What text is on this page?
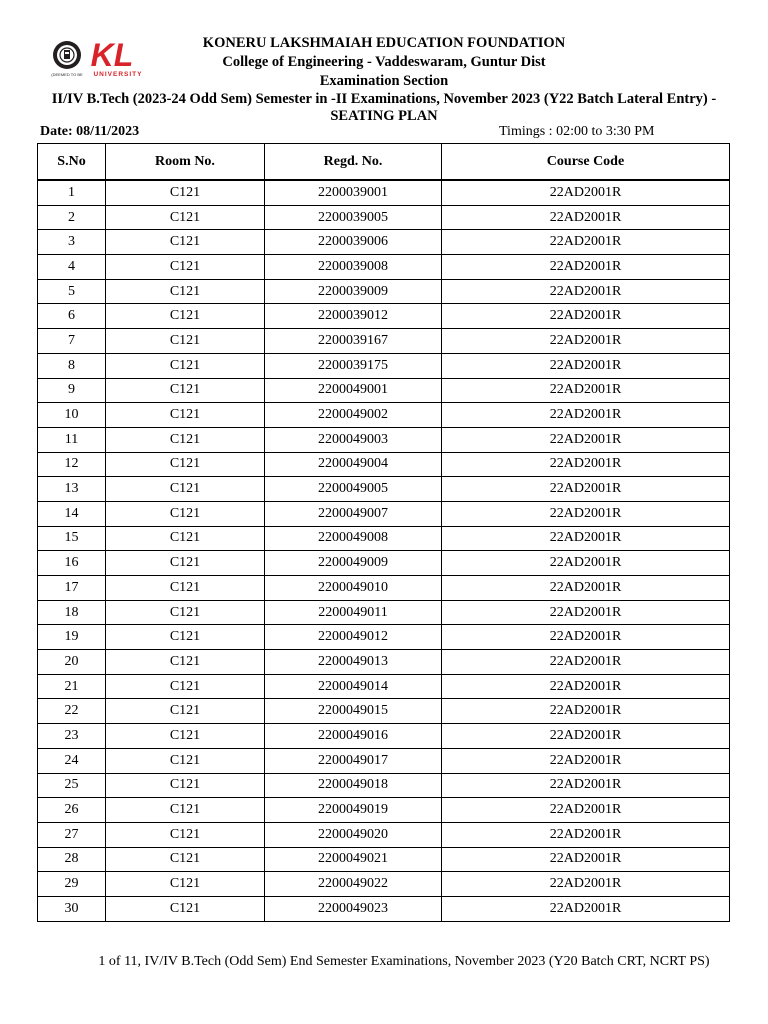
(DEEMED TO BE
KL
UNIVERSITY
KONERU LAKSHMAIAH EDUCATION FOUNDATION
College of Engineering - Vaddeswaram, Guntur Dist
Examination Section
II/IV B.Tech (2023-24 Odd Sem) Semester in -II Examinations, November 2023 (Y22 Batch Lateral Entry) -SEATING PLAN
Date: 08/11/2023	Timings : 02:00 to 3:30 PM
S.No	Room No.	Regd. No.	Course Code
1	C121	2200039001	22AD2001R
2	C121	2200039005	22AD2001R
3	C121	2200039006	22AD2001R
4	C121	2200039008	22AD2001R
5	C121	2200039009	22AD2001R
6	C121	2200039012	22AD2001R
7	C121	2200039167	22AD2001R
8	C121	2200039175	22AD2001R
9	C121	2200049001	22AD2001R
10	C121	2200049002	22AD2001R
11	C121	2200049003	22AD2001R
12	C121	2200049004	22AD2001R
13	C121	2200049005	22AD2001R
14	C121	2200049007	22AD2001R
15	C121	2200049008	22AD2001R
16	C121	2200049009	22AD2001R
17	C121	2200049010	22AD2001R
18	C121	2200049011	22AD2001R
19	C121	2200049012	22AD2001R
20	C121	2200049013	22AD2001R
21	C121	2200049014	22AD2001R
22	C121	2200049015	22AD2001R
23	C121	2200049016	22AD2001R
24	C121	2200049017	22AD2001R
25	C121	2200049018	22AD2001R
26	C121	2200049019	22AD2001R
27	C121	2200049020	22AD2001R
28	C121	2200049021	22AD2001R
29	C121	2200049022	22AD2001R
30	C121	2200049023	22AD2001R
1 of 11, IV/IV B.Tech (Odd Sem) End Semester Examinations, November 2023 (Y20 Batch CRT, NCRT PS)
